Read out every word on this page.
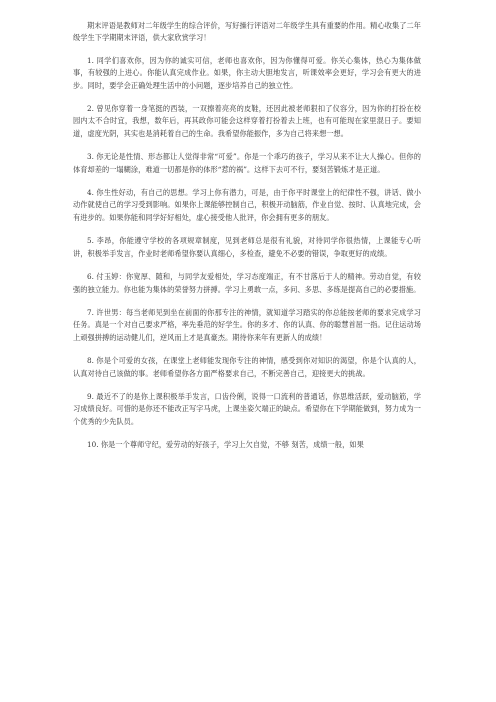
期末评语是教师对二年级学生的综合评价，写好操行评语对二年级学生具有重要的作用。精心收集了二年级学生下学期期末评语，供大家欣赏学习！

1. 同学们喜欢你，因为你的诚实可信，老师也喜欢你，因为你懂得可爱。你关心集体，热心为集体做事，有较强的上进心。你能认真完成作业。如果，你主动大胆地发言，听课效率会更好，学习会有更大的进步。同时，要学会正确处理生活中的小问题，逐步培养自己的独立性。

2. 曾见你穿着一身笔挺的西装，一双擦着亮亮的皮鞋，还因此被老师狠扣了仪容分，因为你的打扮在校园内太不合时宜，我想，数年后，再其政你可能会这样穿着打扮着去上班，也有可能现在家里混日子。要知道，虚度光阴，其实也是消耗着自己的生命。我希望你能振作，多为自己将来想一想。

3. 你无论是性情、形态都让人觉得非常“可爱”。你是一个乖巧的孩子，学习从来不让大人操心。但你的体育却差的一塌糊涂，难道一切都是你的体形“惹的祸”。这样下去可不行，要刻苦锻炼才是正道。

4. 你生性好动，有自己的思想。学习上你有潜力，可是，由于你平时课堂上的纪律性不强，讲话、做小动作就使自己的学习受到影响。如果你上课能够控制自己，积极开动脑筋，作业自觉、按时、认真地完成，会有进步的。如果你能和同学好好相处，虚心接受他人批评，你会拥有更多的朋友。

5. 李昂，你能遵守学校的各项规章制度，见到老师总是很有礼貌，对待同学你很热情，上课能专心听讲，积极举手发言，作业时老师希望你要认真细心，多检查，避免不必要的错误，争取更好的成绩。

6. 付玉婷：你宽厚、随和，与同学友爱相处，学习态度端正，有不甘落后于人的精神。劳动自觉，有较强的独立能力。你也能为集体的荣誉努力拼搏。学习上勇敢一点，多问、多思、多练是提高自己的必要措施。

7. 许世男：每当老师见到坐在前面的你那专注的神情，就知道学习踏实的你总能按老师的要求完成学习任务。真是一个对自己要求严格，率先垂范的好学生。你的多才、你的认真、你的聪慧首屈一指。记住运动场上顽强拼搏的运动健儿们，逆风而上才是真豪杰。期待你来年有更新人的成绩！

8. 你是个可爱的女孩，在课堂上老师能发现你专注的神情，感受到你对知识的渴望，你是个认真的人，认真对待自己该做的事。老师希望你各方面严格要求自己，不断完善自己，迎接更大的挑战。

9. 最近不了的是你上课积极举手发言，口齿伶俐，说得一口流利的普通话，你思维活跃，爱动脑筋，学习成绩良好。可惜的是你还不能改正写字马虎，上课坐姿欠端正的缺点。希望你在下学期能做到，努力成为一个优秀的少先队员。

10. 你是一个尊师守纪，爱劳动的好孩子，学习上欠自觉，不够 刻苦，成绩一般，如果
